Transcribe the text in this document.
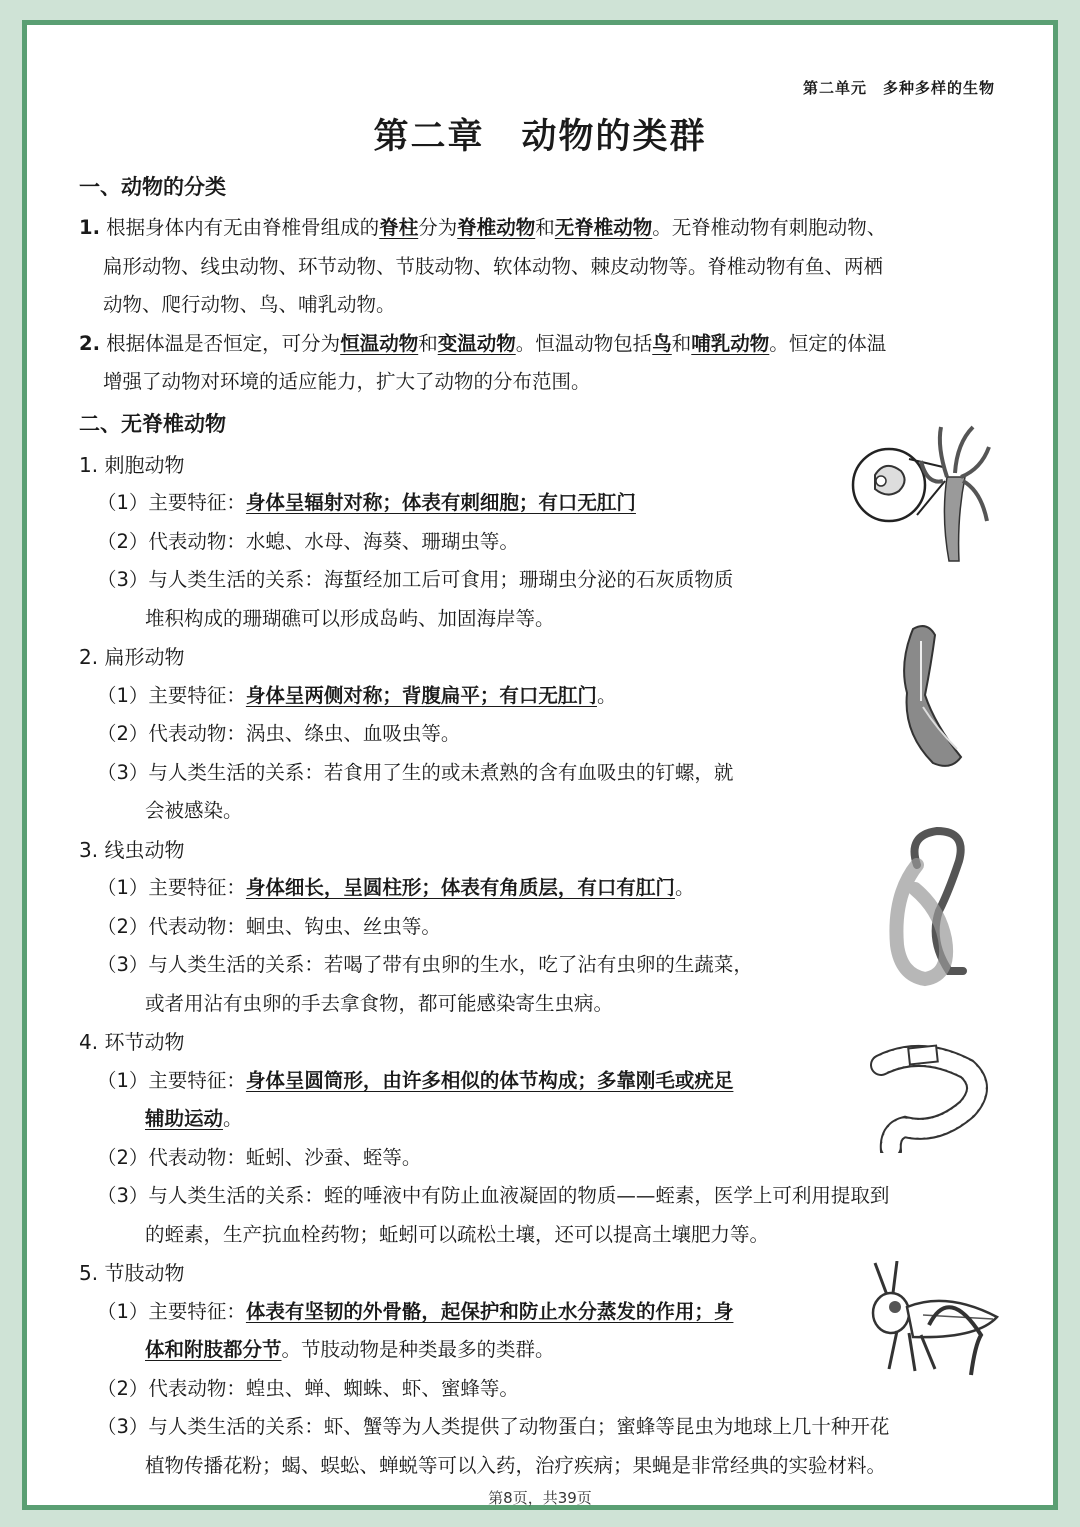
第二单元　多种多样的生物
第二章　动物的类群
一、动物的分类
1. 根据身体内有无由脊椎骨组成的脊柱分为脊椎动物和无脊椎动物。无脊椎动物有刺胞动物、
扁形动物、线虫动物、环节动物、节肢动物、软体动物、棘皮动物等。脊椎动物有鱼、两栖
动物、爬行动物、鸟、哺乳动物。
2. 根据体温是否恒定，可分为恒温动物和变温动物。恒温动物包括鸟和哺乳动物。恒定的体温
增强了动物对环境的适应能力，扩大了动物的分布范围。
二、无脊椎动物
1. 刺胞动物
（1）主要特征：身体呈辐射对称；体表有刺细胞；有口无肛门
（2）代表动物：水螅、水母、海葵、珊瑚虫等。
（3）与人类生活的关系：海蜇经加工后可食用；珊瑚虫分泌的石灰质物质
堆积构成的珊瑚礁可以形成岛屿、加固海岸等。
2. 扁形动物
（1）主要特征：身体呈两侧对称；背腹扁平；有口无肛门。
（2）代表动物：涡虫、绦虫、血吸虫等。
（3）与人类生活的关系：若食用了生的或未煮熟的含有血吸虫的钉螺，就
会被感染。
3. 线虫动物
（1）主要特征：身体细长，呈圆柱形；体表有角质层，有口有肛门。
（2）代表动物：蛔虫、钩虫、丝虫等。
（3）与人类生活的关系：若喝了带有虫卵的生水，吃了沾有虫卵的生蔬菜，
或者用沾有虫卵的手去拿食物，都可能感染寄生虫病。
4. 环节动物
（1）主要特征：身体呈圆筒形，由许多相似的体节构成；多靠刚毛或疣足
辅助运动。
（2）代表动物：蚯蚓、沙蚕、蛭等。
（3）与人类生活的关系：蛭的唾液中有防止血液凝固的物质——蛭素，医学上可利用提取到
的蛭素，生产抗血栓药物；蚯蚓可以疏松土壤，还可以提高土壤肥力等。
5. 节肢动物
（1）主要特征：体表有坚韧的外骨骼，起保护和防止水分蒸发的作用；身
体和附肢都分节。节肢动物是种类最多的类群。
（2）代表动物：蝗虫、蝉、蜘蛛、虾、蜜蜂等。
（3）与人类生活的关系：虾、蟹等为人类提供了动物蛋白；蜜蜂等昆虫为地球上几十种开花
植物传播花粉；蝎、蜈蚣、蝉蜕等可以入药，治疗疾病；果蝇是非常经典的实验材料。
第8页，共39页
